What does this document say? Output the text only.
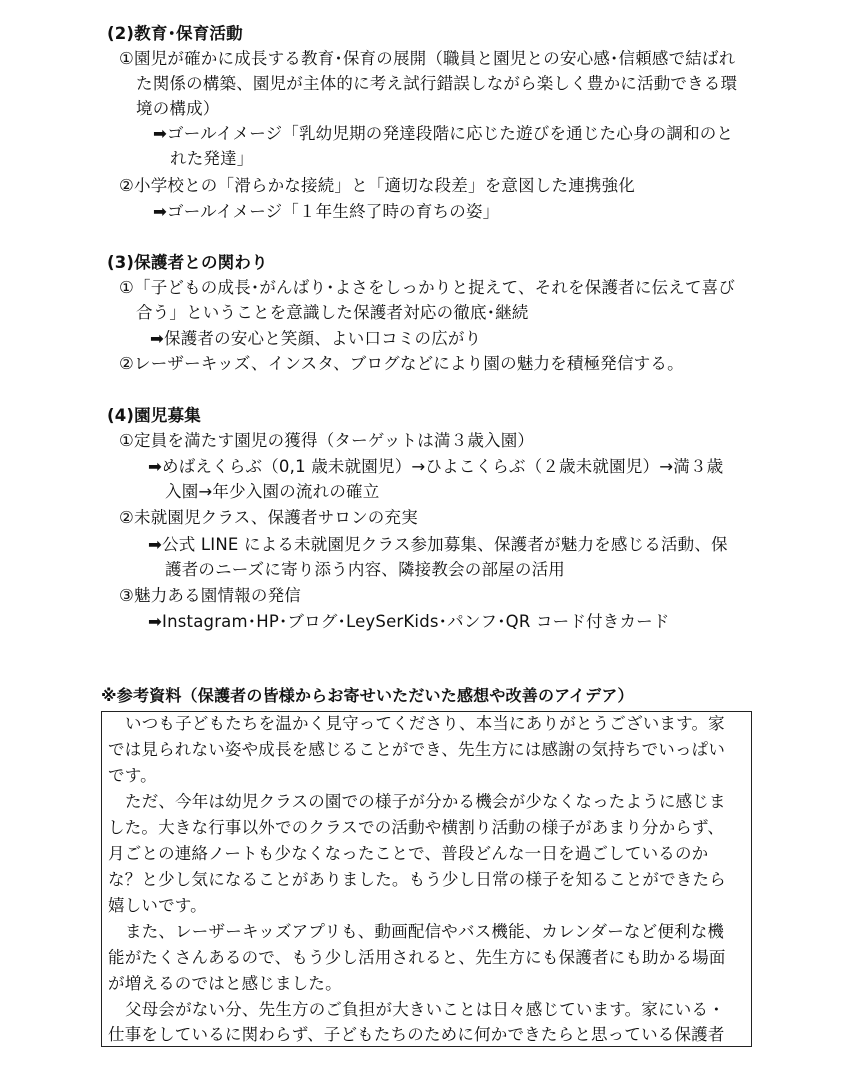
(2)教育･保育活動
①園児が確かに成長する教育･保育の展開（職員と園児との安心感･信頼感で結ばれ
た関係の構築、園児が主体的に考え試行錯誤しながら楽しく豊かに活動できる環
境の構成）
➡ゴールイメージ「乳幼児期の発達段階に応じた遊びを通じた心身の調和のと
れた発達」
②小学校との「滑らかな接続」と「適切な段差」を意図した連携強化
➡ゴールイメージ「１年生終了時の育ちの姿」
(3)保護者との関わり
①「子どもの成長･がんばり･よさをしっかりと捉えて、それを保護者に伝えて喜び
合う」ということを意識した保護者対応の徹底･継続
➡保護者の安心と笑顔、よい口コミの広がり
②レーザーキッズ、インスタ、ブログなどにより園の魅力を積極発信する。
(4)園児募集
①定員を満たす園児の獲得（ターゲットは満３歳入園）
➡めばえくらぶ（0,1 歳未就園児）→ひよこくらぶ（２歳未就園児）→満３歳
入園→年少入園の流れの確立
②未就園児クラス、保護者サロンの充実
➡公式 LINE による未就園児クラス参加募集、保護者が魅力を感じる活動、保
護者のニーズに寄り添う内容、隣接教会の部屋の活用
③魅力ある園情報の発信
➡Instagram･HP･ブログ･LeySerKids･パンフ･QR コード付きカード
※参考資料（保護者の皆様からお寄せいただいた感想や改善のアイデア）
いつも子どもたちを温かく見守ってくださり、本当にありがとうございます。家
では見られない姿や成長を感じることができ、先生方には感謝の気持ちでいっぱい
です。
ただ、今年は幼児クラスの園での様子が分かる機会が少なくなったように感じま
した。大きな行事以外でのクラスでの活動や横割り活動の様子があまり分からず、
月ごとの連絡ノートも少なくなったことで、普段どんな一日を過ごしているのか
な？と少し気になることがありました。もう少し日常の様子を知ることができたら
嬉しいです。
また、レーザーキッズアプリも、動画配信やバス機能、カレンダーなど便利な機
能がたくさんあるので、もう少し活用されると、先生方にも保護者にも助かる場面
が増えるのではと感じました。
父母会がない分、先生方のご負担が大きいことは日々感じています。家にいる・
仕事をしているに関わらず、子どもたちのために何かできたらと思っている保護者
